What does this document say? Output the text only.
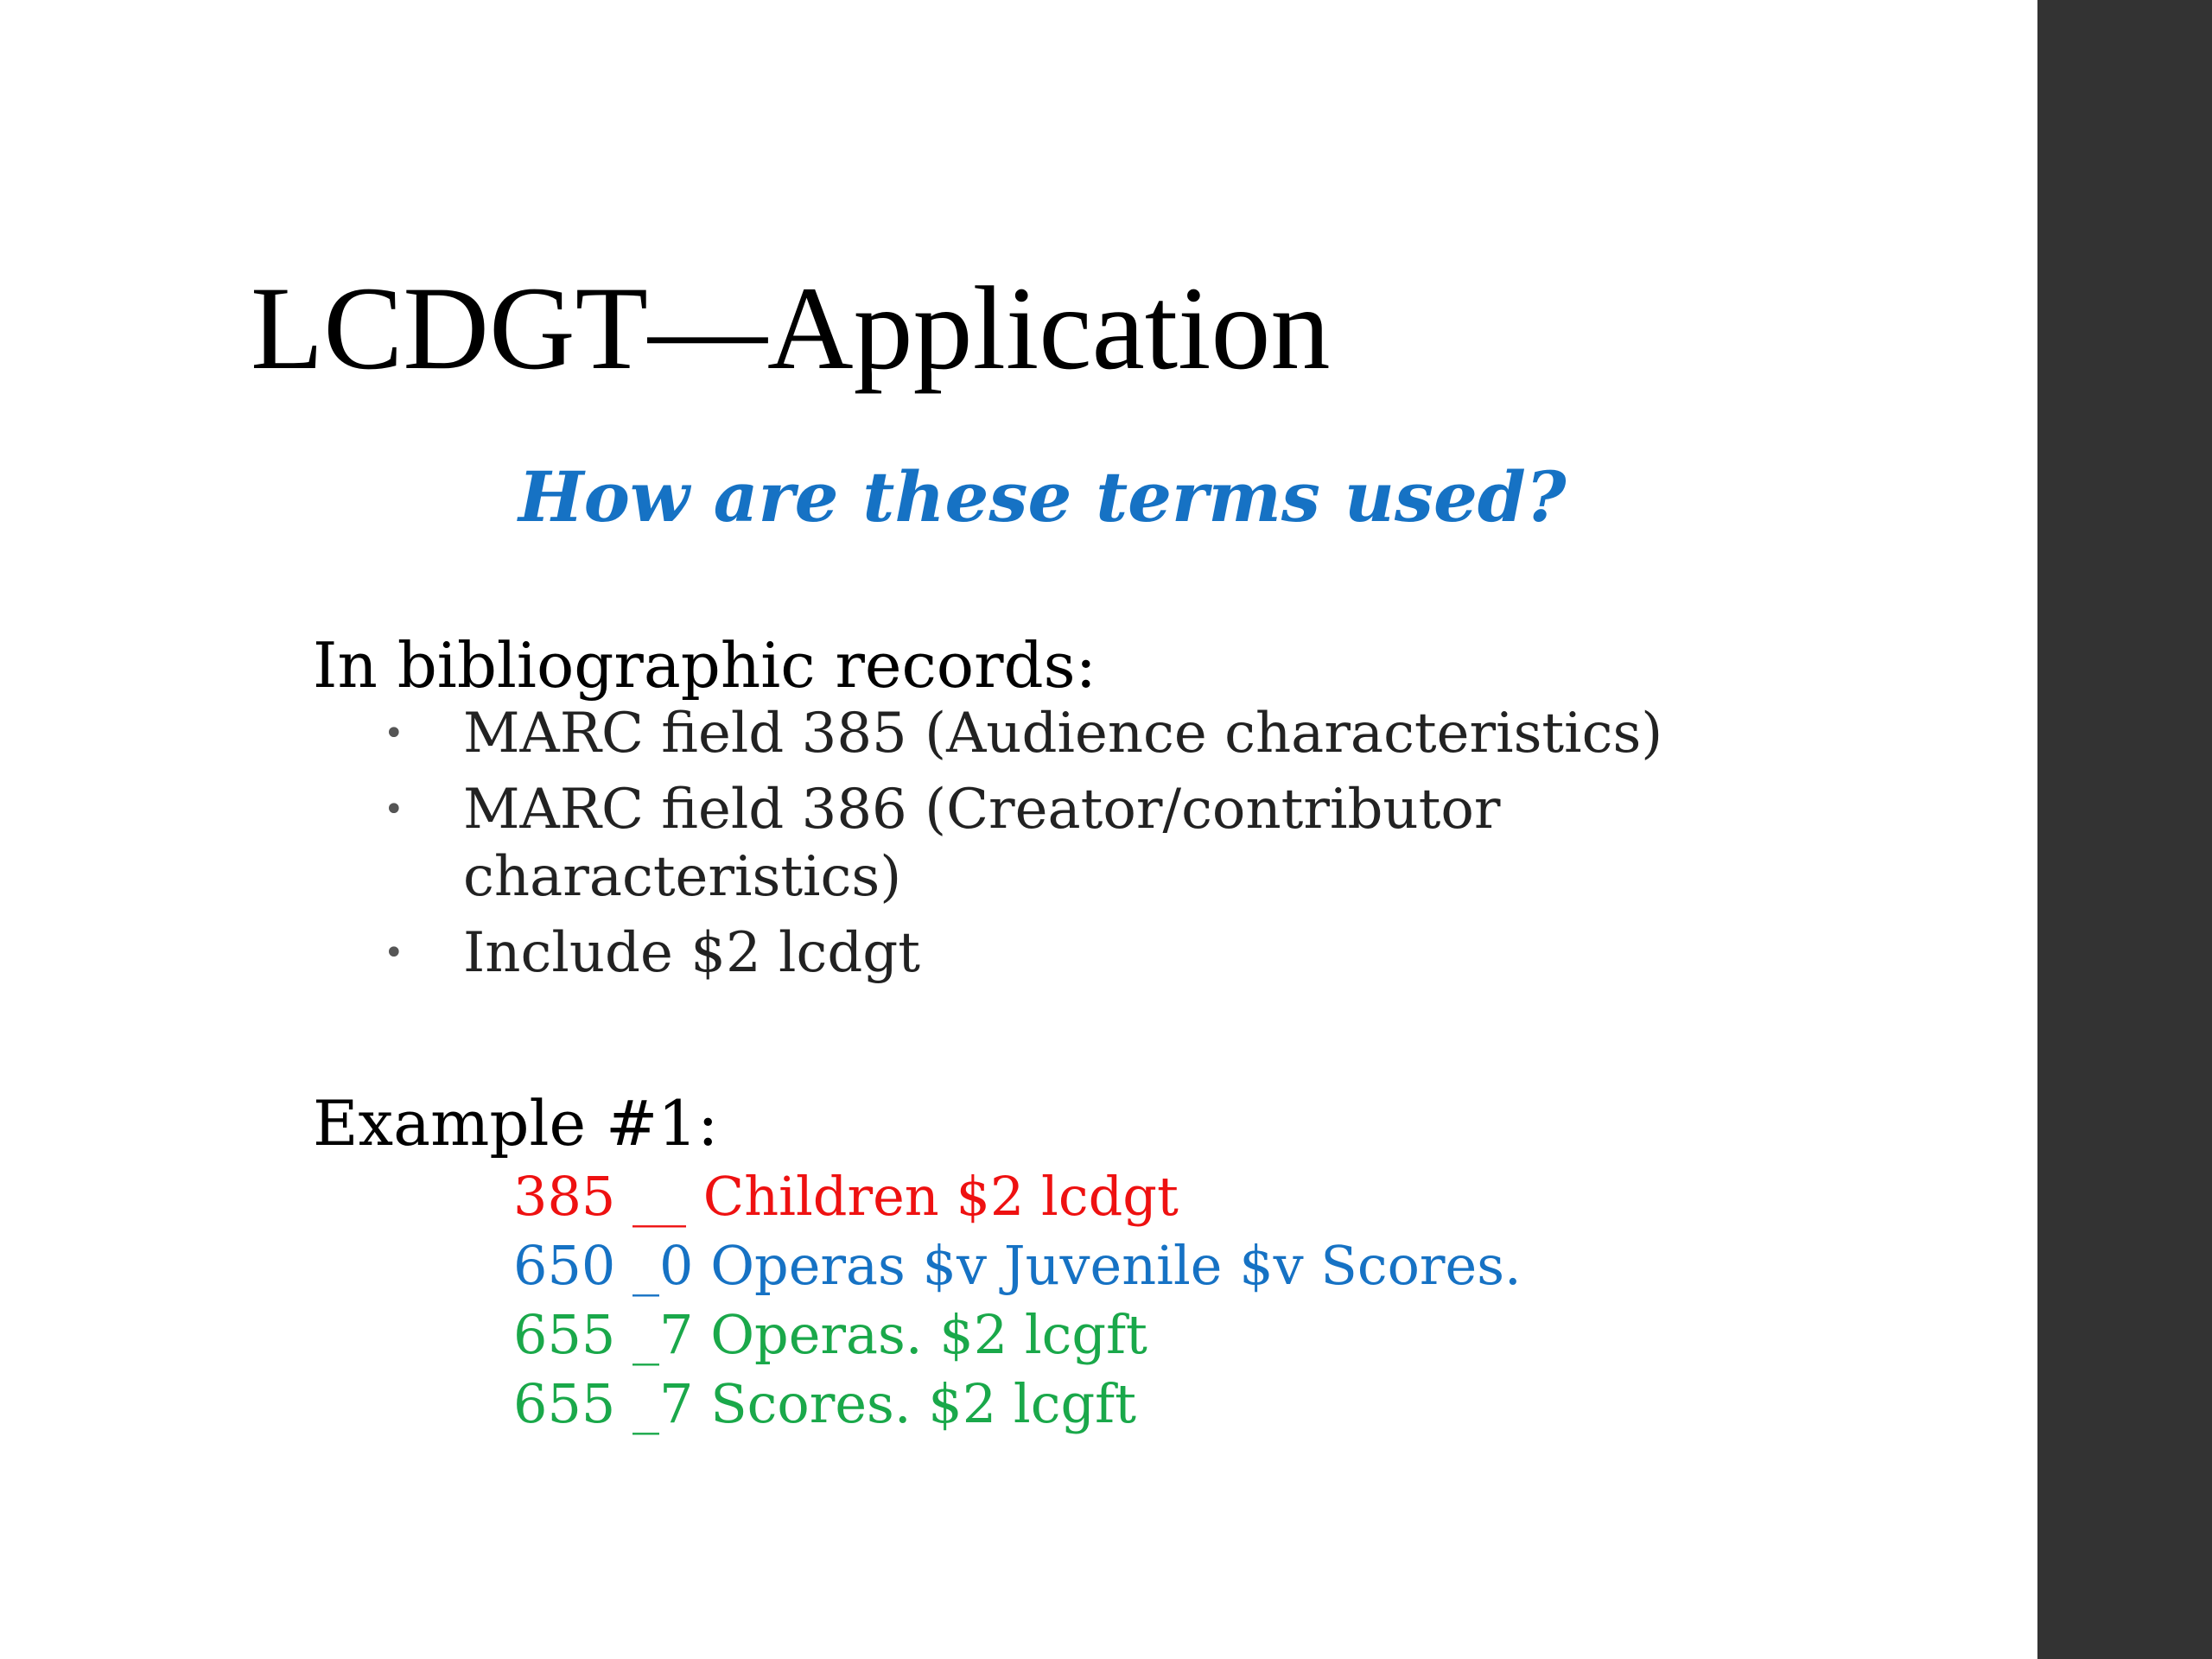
LCDGT—Application
How are these terms used?
In bibliographic records:
• MARC field 385 (Audience characteristics)
• MARC field 386 (Creator/contributor characteristics)
• Include $2 lcdgt
Example #1:
385 __ Children $2 lcdgt
650 _0 Operas $v Juvenile $v Scores.
655 _7 Operas. $2 lcgft
655 _7 Scores. $2 lcgft
